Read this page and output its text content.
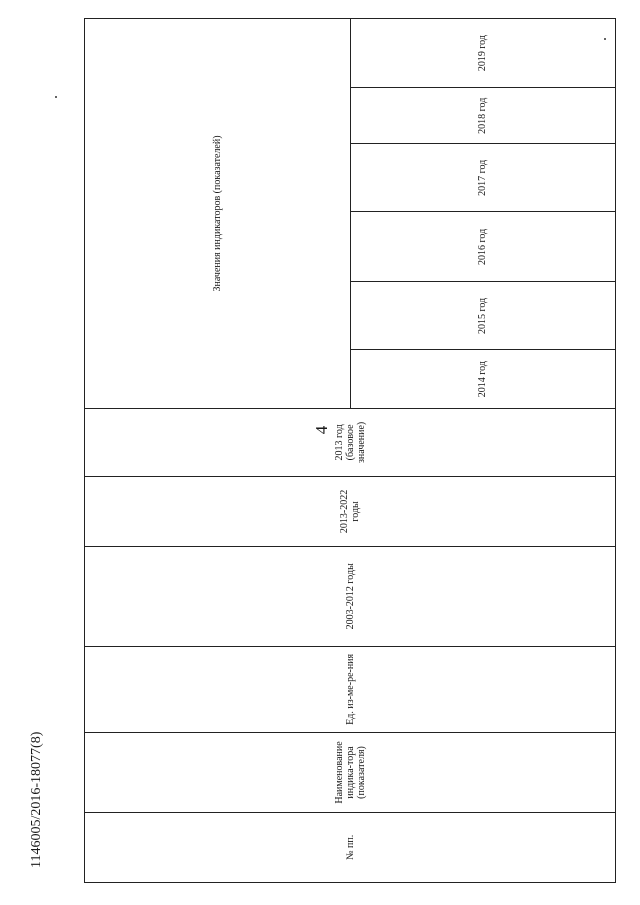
4
1146005/2016-18077(8)	№ пп.	Наименование индика-тора (показателя)	Ед. из-ме-ре-ния	2003-2012 годы	2013-2022 годы	2013 год (базовое значение)	Значения индикаторов (показателей)					
						2014 год	2015 год	2016 год	2017 год	2018 год	2019 год
